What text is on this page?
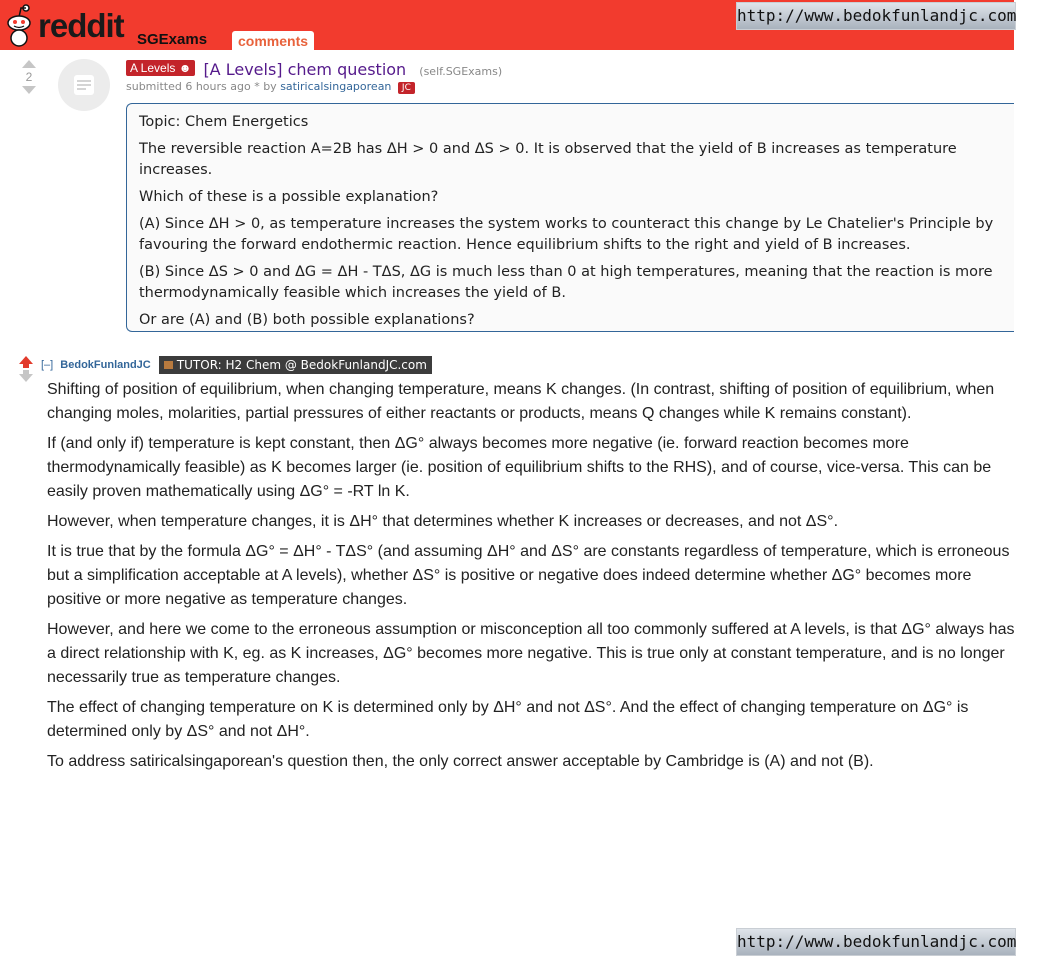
reddit SGExams	comments
http://www.bedokfunlandjc.com
2
A Levels ☻ [A Levels] chem question (self.SGExams)
submitted 6 hours ago * by satiricalsingaporean JC

Topic: Chem Energetics

The reversible reaction A=2B has ΔH > 0 and ΔS > 0. It is observed that the yield of B increases as temperature increases.

Which of these is a possible explanation?

(A) Since ΔH > 0, as temperature increases the system works to counteract this change by Le Chatelier's Principle by favouring the forward endothermic reaction. Hence equilibrium shifts to the right and yield of B increases.

(B) Since ΔS > 0 and ΔG = ΔH - TΔS, ΔG is much less than 0 at high temperatures, meaning that the reaction is more thermodynamically feasible which increases the yield of B.

Or are (A) and (B) both possible explanations?

[–] BedokFunlandJC TUTOR: H2 Chem @ BedokFunlandJC.com

Shifting of position of equilibrium, when changing temperature, means K changes. (In contrast, shifting of position of equilibrium, when changing moles, molarities, partial pressures of either reactants or products, means Q changes while K remains constant).

If (and only if) temperature is kept constant, then ΔG° always becomes more negative (ie. forward reaction becomes more thermodynamically feasible) as K becomes larger (ie. position of equilibrium shifts to the RHS), and of course, vice-versa. This can be easily proven mathematically using ΔG° = -RT ln K.

However, when temperature changes, it is ΔH° that determines whether K increases or decreases, and not ΔS°.

It is true that by the formula ΔG° = ΔH° - TΔS° (and assuming ΔH° and ΔS° are constants regardless of temperature, which is erroneous but a simplification acceptable at A levels), whether ΔS° is positive or negative does indeed determine whether ΔG° becomes more positive or more negative as temperature changes.

However, and here we come to the erroneous assumption or misconception all too commonly suffered at A levels, is that ΔG° always has a direct relationship with K, eg. as K increases, ΔG° becomes more negative. This is true only at constant temperature, and is no longer necessarily true as temperature changes.

The effect of changing temperature on K is determined only by ΔH° and not ΔS°. And the effect of changing temperature on ΔG° is determined only by ΔS° and not ΔH°.

To address satiricalsingaporean's question then, the only correct answer acceptable by Cambridge is (A) and not (B).

http://www.bedokfunlandjc.com
